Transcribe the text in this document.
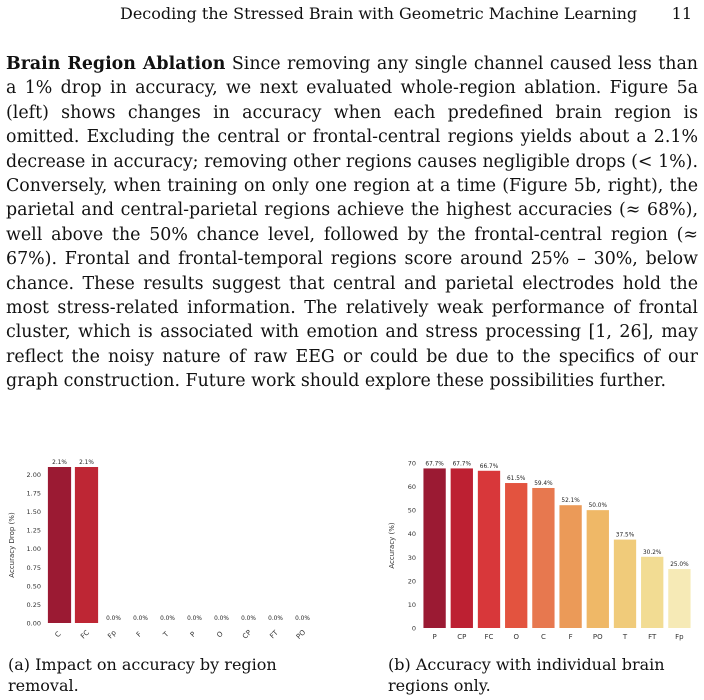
Decoding the Stressed Brain with Geometric Machine Learning 11
Brain Region Ablation Since removing any single channel caused less than a 1% drop in accuracy, we next evaluated whole-region ablation. Figure 5a (left) shows changes in accuracy when each predefined brain region is omitted. Excluding the central or frontal-central regions yields about a 2.1% decrease in accuracy; removing other regions causes negligible drops (< 1%). Conversely, when training on only one region at a time (Figure 5b, right), the parietal and central-parietal regions achieve the highest accuracies (≈ 68%), well above the 50% chance level, followed by the frontal-central region (≈ 67%). Frontal and frontal-temporal regions score around 25% – 30%, below chance. These results suggest that central and parietal electrodes hold the most stress-related information. The relatively weak performance of frontal cluster, which is associated with emotion and stress processing [1, 26], may reflect the noisy nature of raw EEG or could be due to the specifics of our graph construction. Future work should explore these possibilities further.
0.00
0.25
0.50
0.75
1.00
1.25
1.50
1.75
2.00
Accuracy Drop (%)
2.1%
C
2.1%
FC
0.0%
Fp
0.0%
F
0.0%
T
0.0%
P
0.0%
O
0.0%
CP
0.0%
FT
0.0%
PO	0
10
20
30
40
50
60
70
Accuracy (%)
67.7%
P
67.7%
CP
66.7%
FC
61.5%
O
59.4%
C
52.1%
F
50.0%
PO
37.5%
T
30.2%
FT
25.0%
Fp
(a) Impact on accuracy by region removal.
(b) Accuracy with individual brain regions only.
